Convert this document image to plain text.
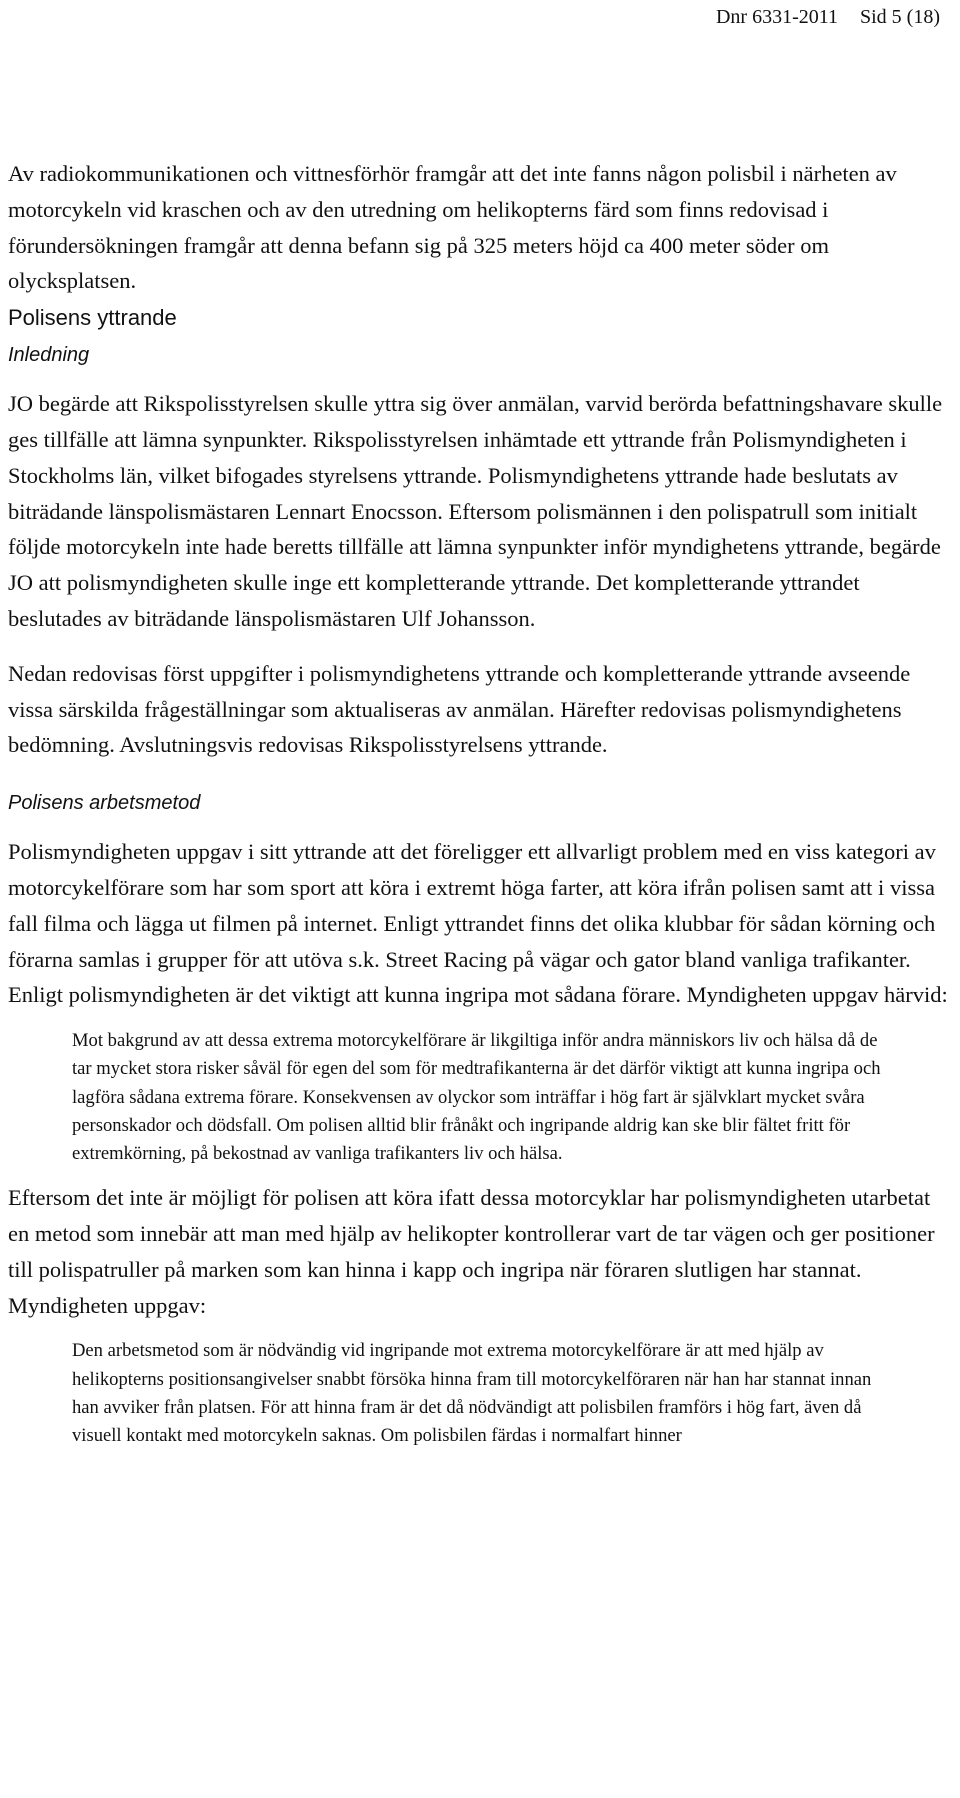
Dnr 6331-2011 Sid 5 (18)

Av radiokommunikationen och vittnesförhör framgår att det inte fanns någon polisbil i närheten av motorcykeln vid kraschen och av den utredning om helikopterns färd som finns redovisad i förundersökningen framgår att denna befann sig på 325 meters höjd ca 400 meter söder om olycksplatsen.

Polisens yttrande
Inledning

JO begärde att Rikspolisstyrelsen skulle yttra sig över anmälan, varvid berörda befattningshavare skulle ges tillfälle att lämna synpunkter. Rikspolisstyrelsen inhämtade ett yttrande från Polismyndigheten i Stockholms län, vilket bifogades styrelsens yttrande. Polismyndighetens yttrande hade beslutats av biträdande länspolismästaren Lennart Enocsson. Eftersom polismännen i den polispatrull som initialt följde motorcykeln inte hade beretts tillfälle att lämna synpunkter inför myndighetens yttrande, begärde JO att polismyndigheten skulle inge ett kompletterande yttrande. Det kompletterande yttrandet beslutades av biträdande länspolismästaren Ulf Johansson.

Nedan redovisas först uppgifter i polismyndighetens yttrande och kompletterande yttrande avseende vissa särskilda frågeställningar som aktualiseras av anmälan. Härefter redovisas polismyndighetens bedömning. Avslutningsvis redovisas Rikspolisstyrelsens yttrande.

Polisens arbetsmetod

Polismyndigheten uppgav i sitt yttrande att det föreligger ett allvarligt problem med en viss kategori av motorcykelförare som har som sport att köra i extremt höga farter, att köra ifrån polisen samt att i vissa fall filma och lägga ut filmen på internet. Enligt yttrandet finns det olika klubbar för sådan körning och förarna samlas i grupper för att utöva s.k. Street Racing på vägar och gator bland vanliga trafikanter. Enligt polismyndigheten är det viktigt att kunna ingripa mot sådana förare. Myndigheten uppgav härvid:

Mot bakgrund av att dessa extrema motorcykelförare är likgiltiga inför andra människors liv och hälsa då de tar mycket stora risker såväl för egen del som för medtrafikanterna är det därför viktigt att kunna ingripa och lagföra sådana extrema förare. Konsekvensen av olyckor som inträffar i hög fart är självklart mycket svåra personskador och dödsfall. Om polisen alltid blir frånåkt och ingripande aldrig kan ske blir fältet fritt för extremkörning, på bekostnad av vanliga trafikanters liv och hälsa.

Eftersom det inte är möjligt för polisen att köra ifatt dessa motorcyklar har polismyndigheten utarbetat en metod som innebär att man med hjälp av helikopter kontrollerar vart de tar vägen och ger positioner till polispatruller på marken som kan hinna i kapp och ingripa när föraren slutligen har stannat. Myndigheten uppgav:

Den arbetsmetod som är nödvändig vid ingripande mot extrema motorcykelförare är att med hjälp av helikopterns positionsangivelser snabbt försöka hinna fram till motorcykelföraren när han har stannat innan han avviker från platsen. För att hinna fram är det då nödvändigt att polisbilen framförs i hög fart, även då visuell kontakt med motorcykeln saknas. Om polisbilen färdas i normalfart hinner
